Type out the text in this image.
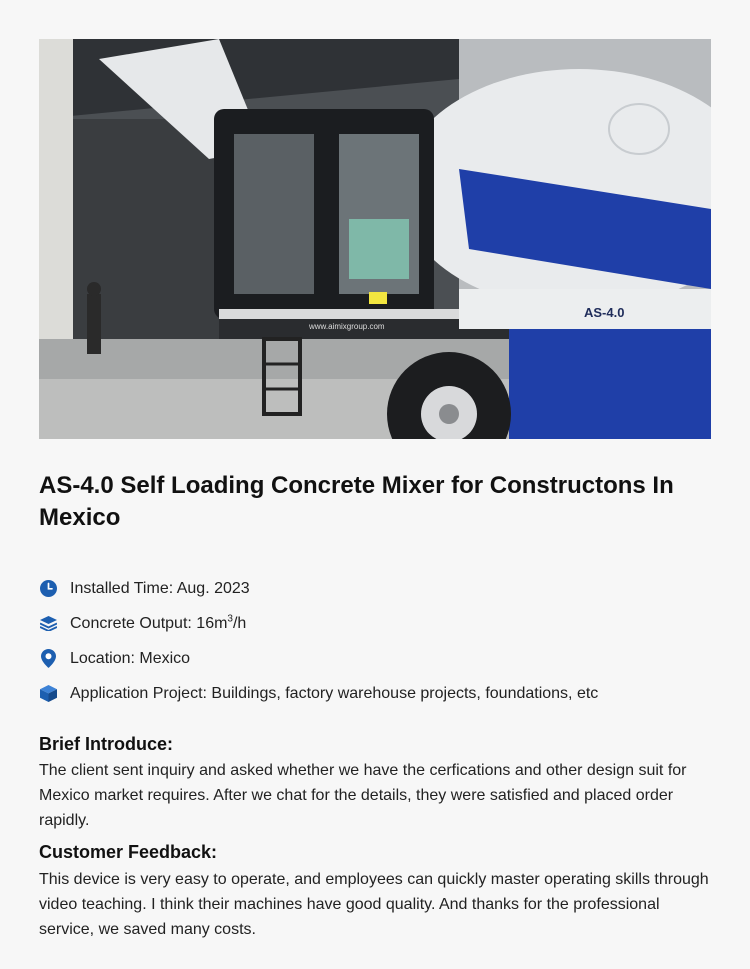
AS-4.0
www.aimixgroup.com
AS-4.0 Self Loading Concrete Mixer for Constructons In Mexico
Installed Time: Aug. 2023
Concrete Output: $16m^3/h$
Location: Mexico
Application Project: Buildings, factory warehouse projects, foundations, etc
Brief Introduce:

The client sent inquiry and asked whether we have the cerfications and other design suit for Mexico market requires. After we chat for the details, they were satisfied and placed order rapidly.

Customer Feedback:

This device is very easy to operate, and employees can quickly master operating skills through video teaching. I think their machines have good quality. And thanks for the professional service, we saved many costs.
